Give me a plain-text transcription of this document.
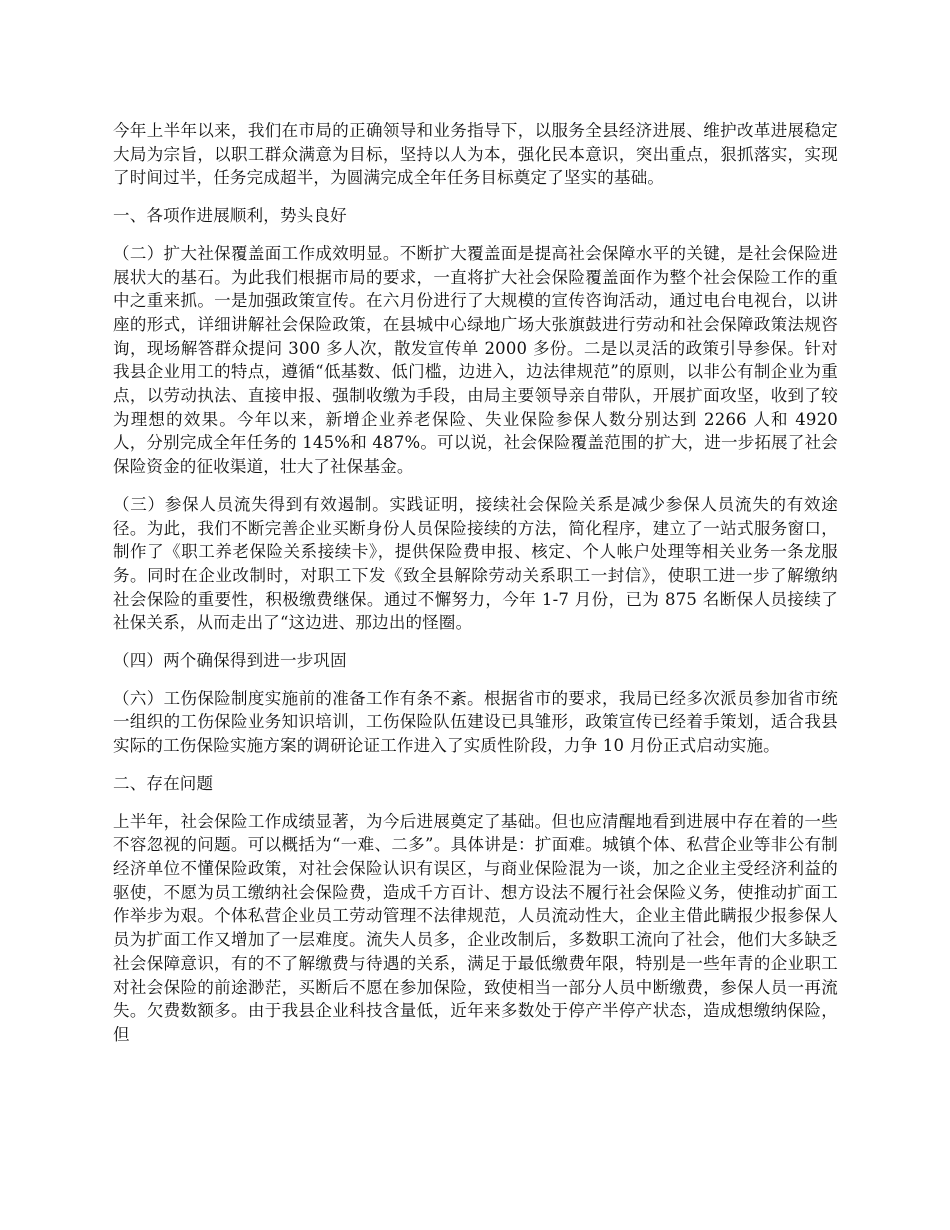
今年上半年以来，我们在市局的正确领导和业务指导下，以服务全县经济进展、维护改革进展稳定大局为宗旨，以职工群众满意为目标，坚持以人为本，强化民本意识，突出重点，狠抓落实，实现了时间过半，任务完成超半，为圆满完成全年任务目标奠定了坚实的基础。

一、各项作进展顺利，势头良好

（二）扩大社保覆盖面工作成效明显。不断扩大覆盖面是提高社会保障水平的关键，是社会保险进展状大的基石。为此我们根据市局的要求，一直将扩大社会保险覆盖面作为整个社会保险工作的重中之重来抓。一是加强政策宣传。在六月份进行了大规模的宣传咨询活动，通过电台电视台，以讲座的形式，详细讲解社会保险政策，在县城中心绿地广场大张旗鼓进行劳动和社会保障政策法规咨询，现场解答群众提问 300 多人次，散发宣传单 2000 多份。二是以灵活的政策引导参保。针对我县企业用工的特点，遵循“低基数、低门槛，边进入，边法律规范”的原则，以非公有制企业为重点，以劳动执法、直接申报、强制收缴为手段，由局主要领导亲自带队，开展扩面攻坚，收到了较为理想的效果。今年以来，新增企业养老保险、失业保险参保人数分别达到 2266 人和 4920 人，分别完成全年任务的 145%和 487%。可以说，社会保险覆盖范围的扩大，进一步拓展了社会保险资金的征收渠道，壮大了社保基金。

（三）参保人员流失得到有效遏制。实践证明，接续社会保险关系是减少参保人员流失的有效途径。为此，我们不断完善企业买断身份人员保险接续的方法，简化程序，建立了一站式服务窗口，制作了《职工养老保险关系接续卡》，提供保险费申报、核定、个人帐户处理等相关业务一条龙服务。同时在企业改制时，对职工下发《致全县解除劳动关系职工一封信》，使职工进一步了解缴纳社会保险的重要性，积极缴费继保。通过不懈努力，今年 1-7 月份，已为 875 名断保人员接续了社保关系，从而走出了“这边进、那边出的怪圈。

（四）两个确保得到进一步巩固

（六）工伤保险制度实施前的准备工作有条不紊。根据省市的要求，我局已经多次派员参加省市统一组织的工伤保险业务知识培训，工伤保险队伍建设已具雏形，政策宣传已经着手策划，适合我县实际的工伤保险实施方案的调研论证工作进入了实质性阶段，力争 10 月份正式启动实施。

二、存在问题

上半年，社会保险工作成绩显著，为今后进展奠定了基础。但也应清醒地看到进展中存在着的一些不容忽视的问题。可以概括为“一难、二多”。具体讲是：扩面难。城镇个体、私营企业等非公有制经济单位不懂保险政策，对社会保险认识有误区，与商业保险混为一谈，加之企业主受经济利益的驱使，不愿为员工缴纳社会保险费，造成千方百计、想方设法不履行社会保险义务，使推动扩面工作举步为艰。个体私营企业员工劳动管理不法律规范，人员流动性大，企业主借此瞒报少报参保人员为扩面工作又增加了一层难度。流失人员多，企业改制后，多数职工流向了社会，他们大多缺乏社会保障意识，有的不了解缴费与待遇的关系，满足于最低缴费年限，特别是一些年青的企业职工对社会保险的前途渺茫，买断后不愿在参加保险，致使相当一部分人员中断缴费，参保人员一再流失。欠费数额多。由于我县企业科技含量低，近年来多数处于停产半停产状态，造成想缴纳保险，但
